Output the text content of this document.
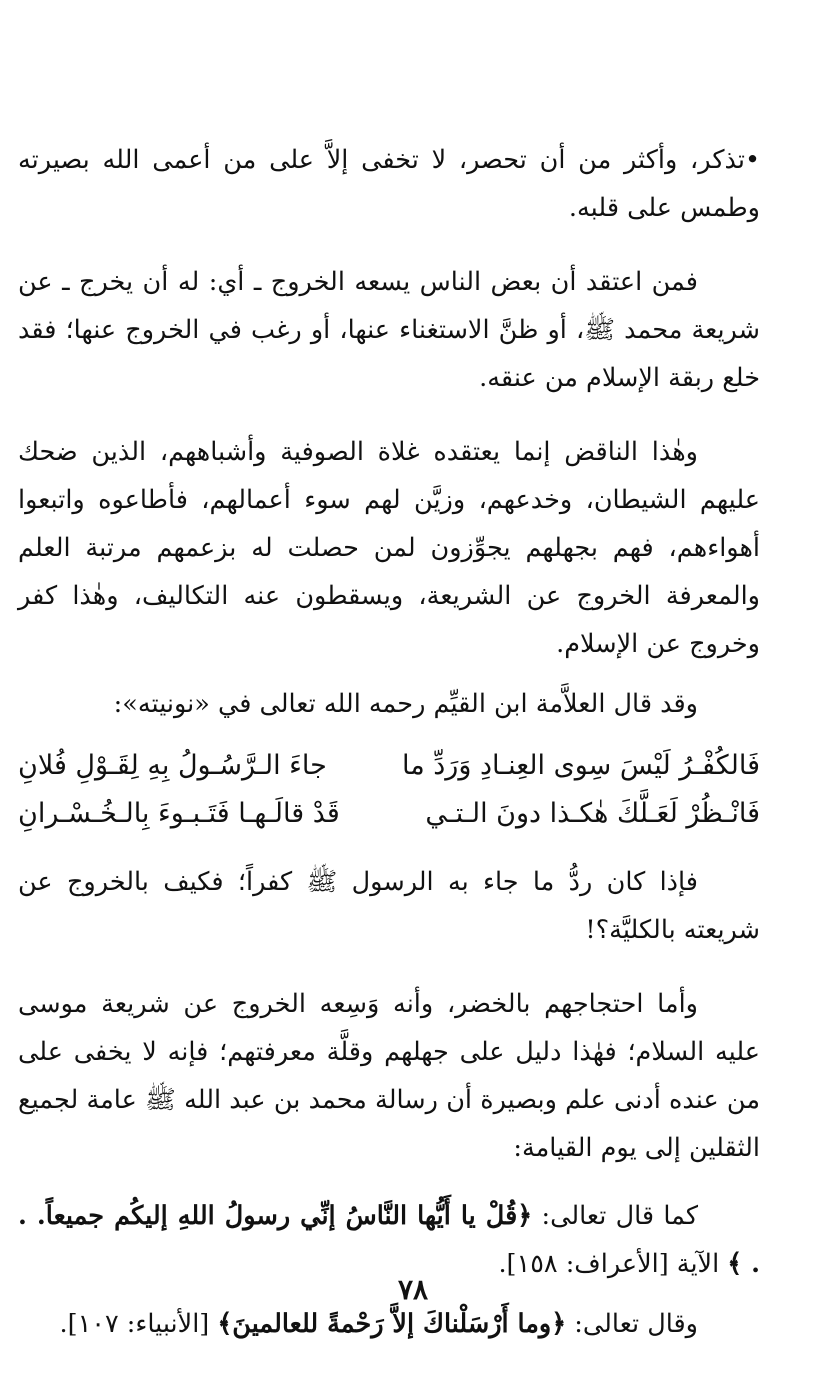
•تذكر، وأكثر من أن تحصر، لا تخفى إلاَّ على من أعمى الله بصيرته وطمس على قلبه.

فمن اعتقد أن بعض الناس يسعه الخروج ـ أي: له أن يخرج ـ عن شريعة محمد ﷺ، أو ظنَّ الاستغناء عنها، أو رغب في الخروج عنها؛ فقد خلع ربقة الإسلام من عنقه.

وهٰذا الناقض إنما يعتقده غلاة الصوفية وأشباههم، الذين ضحك عليهم الشيطان، وخدعهم، وزيَّن لهم سوء أعمالهم، فأطاعوه واتبعوا أهواءهم، فهم بجهلهم يجوِّزون لمن حصلت له بزعمهم مرتبة العلم والمعرفة الخروج عن الشريعة، ويسقطون عنه التكاليف، وهٰذا كفر وخروج عن الإسلام.

وقد قال العلاَّمة ابن القيِّم رحمه الله تعالى في «نونيته»:

فَالكُفْـرُ لَيْسَ سِوى العِنـادِ وَرَدِّ ما
جاءَ الـرَّسُـولُ بِهِ لِقَـوْلِ فُلانِ
فَانْـظُرْ لَعَـلَّكَ هٰكـذا دونَ الـتـي
قَدْ قالَـهـا فَتَـبـوءَ بِالـخُـسْـرانِ

فإذا كان ردُّ ما جاء به الرسول ﷺ كفراً؛ فكيف بالخروج عن شريعته بالكليَّة؟!

وأما احتجاجهم بالخضر، وأنه وَسِعه الخروج عن شريعة موسى عليه السلام؛ فهٰذا دليل على جهلهم وقلَّة معرفتهم؛ فإنه لا يخفى على من عنده أدنى علم وبصيرة أن رسالة محمد بن عبد الله ﷺ عامة لجميع الثقلين إلى يوم القيامة:

كما قال تعالى: ﴿قُلْ يا أَيُّها النَّاسُ إنِّي رسولُ اللهِ إليكُم جميعاً. . . ﴾ الآية [الأعراف: ١٥٨].

وقال تعالى: ﴿وما أَرْسَلْناكَ إلاَّ رَحْمةً للعالمينَ﴾ [الأنبياء: ١٠٧].

٧٨
